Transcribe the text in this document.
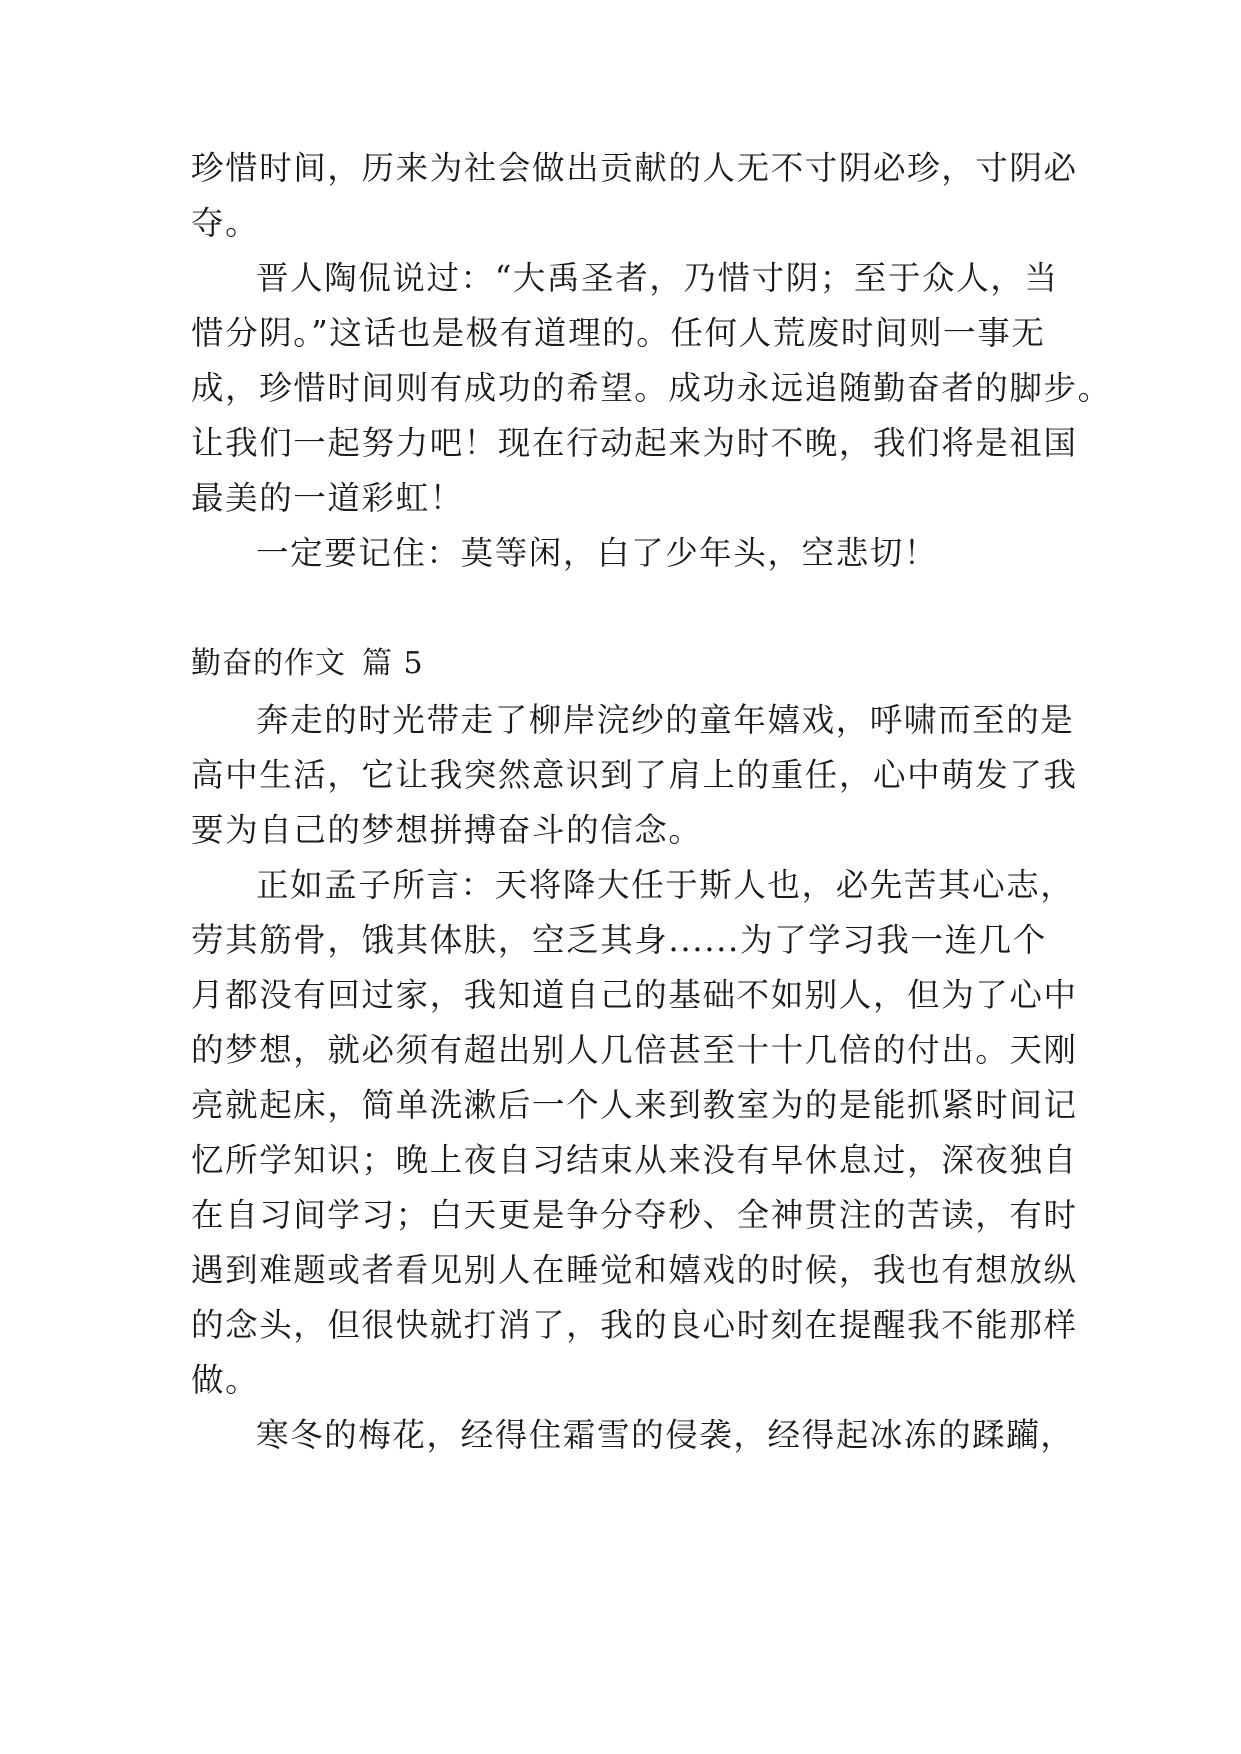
珍惜时间，历来为社会做出贡献的人无不寸阴必珍，寸阴必
夺。
晋人陶侃说过：“大禹圣者，乃惜寸阴；至于众人，当
惜分阴。”这话也是极有道理的。任何人荒废时间则一事无
成，珍惜时间则有成功的希望。成功永远追随勤奋者的脚步。
让我们一起努力吧！现在行动起来为时不晚，我们将是祖国
最美的一道彩虹！
一定要记住：莫等闲，白了少年头，空悲切！
勤奋的作文 篇 5
奔走的时光带走了柳岸浣纱的童年嬉戏，呼啸而至的是
高中生活，它让我突然意识到了肩上的重任，心中萌发了我
要为自己的梦想拼搏奋斗的信念。
正如孟子所言：天将降大任于斯人也，必先苦其心志，
劳其筋骨，饿其体肤，空乏其身......为了学习我一连几个
月都没有回过家，我知道自己的基础不如别人，但为了心中
的梦想，就必须有超出别人几倍甚至十十几倍的付出。天刚
亮就起床，简单洗漱后一个人来到教室为的是能抓紧时间记
忆所学知识；晚上夜自习结束从来没有早休息过，深夜独自
在自习间学习；白天更是争分夺秒、全神贯注的苦读，有时
遇到难题或者看见别人在睡觉和嬉戏的时候，我也有想放纵
的念头，但很快就打消了，我的良心时刻在提醒我不能那样
做。
寒冬的梅花，经得住霜雪的侵袭，经得起冰冻的蹂躏，
